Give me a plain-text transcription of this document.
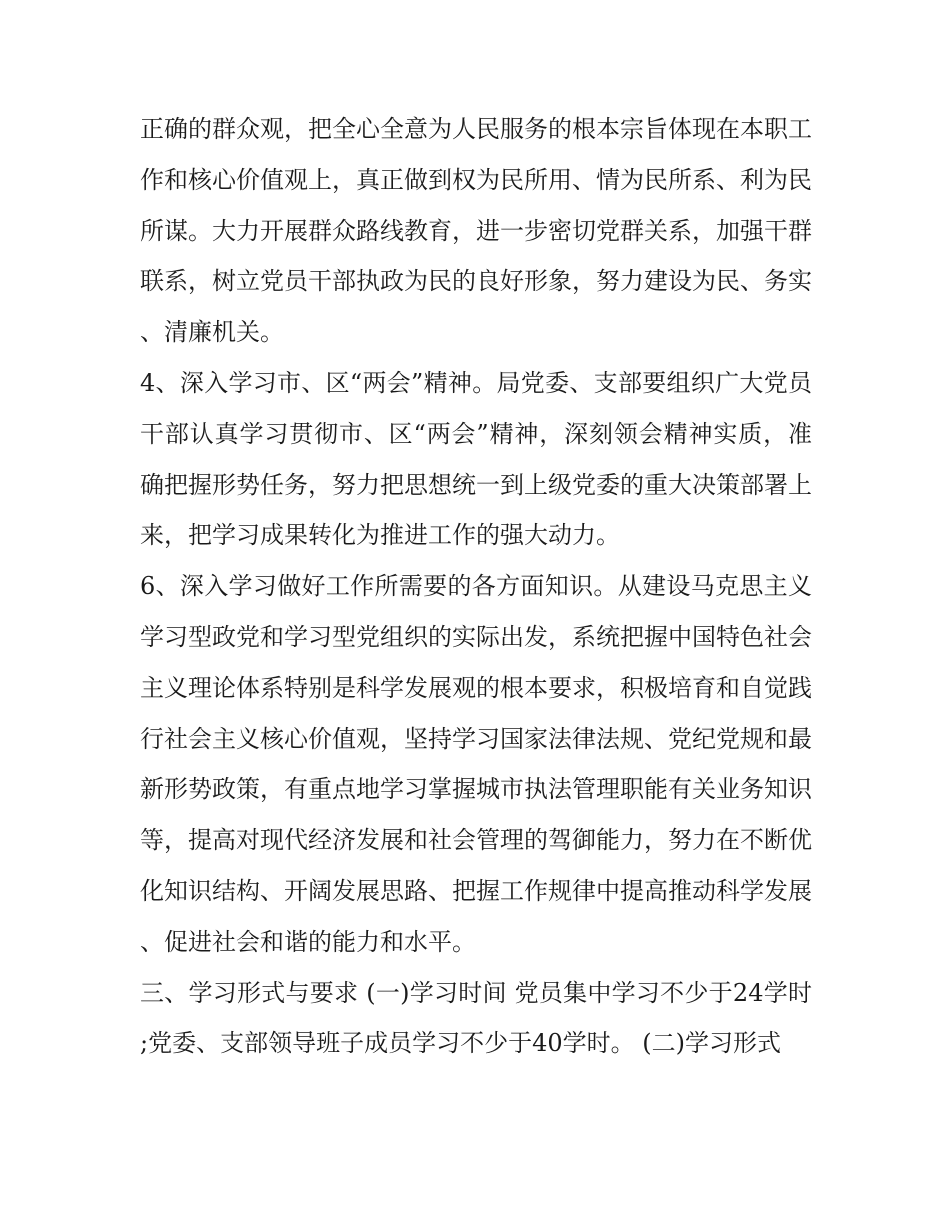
正确的群众观，把全心全意为人民服务的根本宗旨体现在本职工作和核心价值观上，真正做到权为民所用、情为民所系、利为民所谋。大力开展群众路线教育，进一步密切党群关系，加强干群联系，树立党员干部执政为民的良好形象，努力建设为民、务实、清廉机关。

4、深入学习市、区“两会”精神。局党委、支部要组织广大党员干部认真学习贯彻市、区“两会”精神，深刻领会精神实质，准确把握形势任务，努力把思想统一到上级党委的重大决策部署上来，把学习成果转化为推进工作的强大动力。

6、深入学习做好工作所需要的各方面知识。从建设马克思主义学习型政党和学习型党组织的实际出发，系统把握中国特色社会主义理论体系特别是科学发展观的根本要求，积极培育和自觉践行社会主义核心价值观，坚持学习国家法律法规、党纪党规和最新形势政策，有重点地学习掌握城市执法管理职能有关业务知识等，提高对现代经济发展和社会管理的驾御能力，努力在不断优化知识结构、开阔发展思路、把握工作规律中提高推动科学发展、促进社会和谐的能力和水平。

三、学习形式与要求 (一)学习时间 党员集中学习不少于24学时;党委、支部领导班子成员学习不少于40学时。 (二)学习形式
